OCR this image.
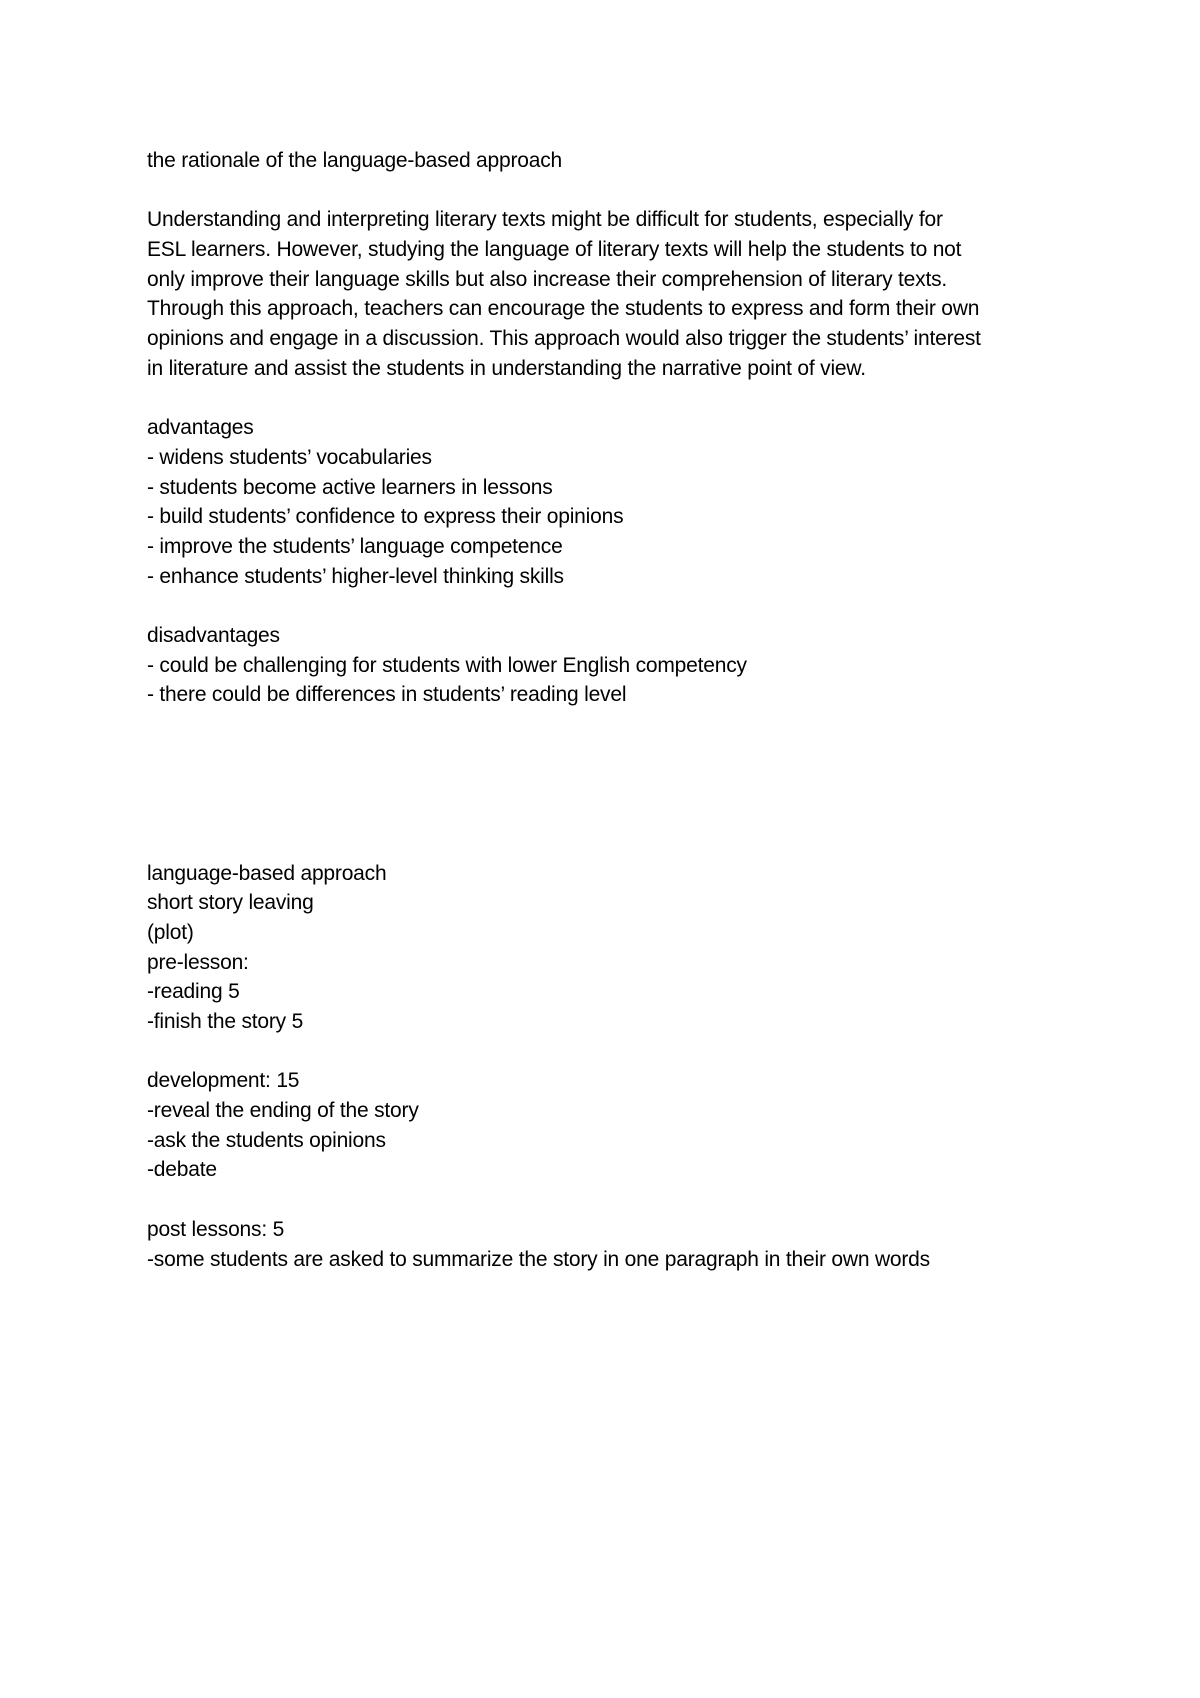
the rationale of the language-based approach
Understanding and interpreting literary texts might be difficult for students, especially for
ESL learners. However, studying the language of literary texts will help the students to not
only improve their language skills but also increase their comprehension of literary texts.
Through this approach, teachers can encourage the students to express and form their own
opinions and engage in a discussion. This approach would also trigger the students’ interest
in literature and assist the students in understanding the narrative point of view.
advantages
- widens students’ vocabularies
- students become active learners in lessons
- build students’ confidence to express their opinions
- improve the students’ language competence
- enhance students’ higher-level thinking skills
disadvantages
- could be challenging for students with lower English competency
- there could be differences in students’ reading level
language-based approach
short story leaving
(plot)
pre-lesson:
-reading 5
-finish the story 5
development: 15
-reveal the ending of the story
-ask the students opinions
-debate
post lessons: 5
-some students are asked to summarize the story in one paragraph in their own words
